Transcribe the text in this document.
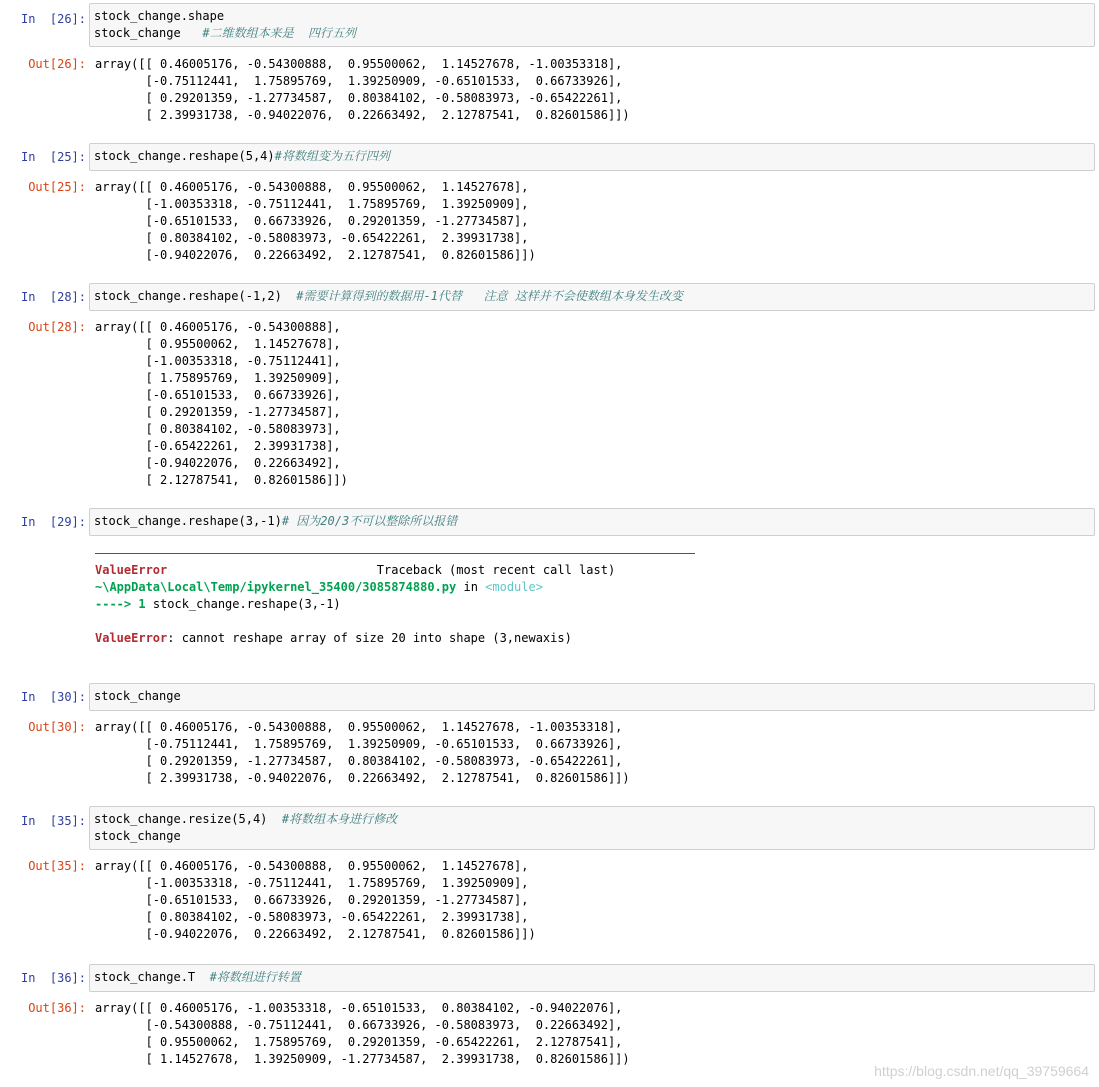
In  [26]: stock_change.shape
stock_change   #二维数组本来是  四行五列
Out[26]: array([[ 0.46005176, -0.54300888,  0.95500062,  1.14527678, -1.00353318],
[-0.75112441,  1.75895769,  1.39250909, -0.65101533,  0.66733926],
[ 0.29201359, -1.27734587,  0.80384102, -0.58083973, -0.65422261],
[ 2.39931738, -0.94022076,  0.22663492,  2.12787541,  0.82601586]])
In  [25]: stock_change.reshape(5,4)#将数组变为五行四列
Out[25]: array([[ 0.46005176, -0.54300888,  0.95500062,  1.14527678],
[-1.00353318, -0.75112441,  1.75895769,  1.39250909],
[-0.65101533,  0.66733926,  0.29201359, -1.27734587],
[ 0.80384102, -0.58083973, -0.65422261,  2.39931738],
[-0.94022076,  0.22663492,  2.12787541,  0.82601586]])
In  [28]: stock_change.reshape(-1,2)  #需要计算得到的数据用-1代替   注意 这样并不会使数组本身发生改变
Out[28]: array([[ 0.46005176, -0.54300888],
[ 0.95500062,  1.14527678],
[-1.00353318, -0.75112441],
[ 1.75895769,  1.39250909],
[-0.65101533,  0.66733926],
[ 0.29201359, -1.27734587],
[ 0.80384102, -0.58083973],
[-0.65422261,  2.39931738],
[-0.94022076,  0.22663492],
[ 2.12787541,  0.82601586]])
In  [29]: stock_change.reshape(3,-1)# 因为20/3不可以整除所以报错
ValueError	Traceback (most recent call last)
~\AppData\Local\Temp/ipykernel_35400/3085874880.py in <module>
----> 1 stock_change.reshape(3,-1)
ValueError: cannot reshape array of size 20 into shape (3,newaxis)
In  [30]: stock_change
Out[30]: array([[ 0.46005176, -0.54300888,  0.95500062,  1.14527678, -1.00353318],
[-0.75112441,  1.75895769,  1.39250909, -0.65101533,  0.66733926],
[ 0.29201359, -1.27734587,  0.80384102, -0.58083973, -0.65422261],
[ 2.39931738, -0.94022076,  0.22663492,  2.12787541,  0.82601586]])
In  [35]: stock_change.resize(5,4)  #将数组本身进行修改
stock_change
Out[35]: array([[ 0.46005176, -0.54300888,  0.95500062,  1.14527678],
[-1.00353318, -0.75112441,  1.75895769,  1.39250909],
[-0.65101533,  0.66733926,  0.29201359, -1.27734587],
[ 0.80384102, -0.58083973, -0.65422261,  2.39931738],
[-0.94022076,  0.22663492,  2.12787541,  0.82601586]])
In  [36]: stock_change.T  #将数组进行转置
Out[36]: array([[ 0.46005176, -1.00353318, -0.65101533,  0.80384102, -0.94022076],
[-0.54300888, -0.75112441,  0.66733926, -0.58083973,  0.22663492],
[ 0.95500062,  1.75895769,  0.29201359, -0.65422261,  2.12787541],
[ 1.14527678,  1.39250909, -1.27734587,  2.39931738,  0.82601586]])
https://blog.csdn.net/qq_39759664
